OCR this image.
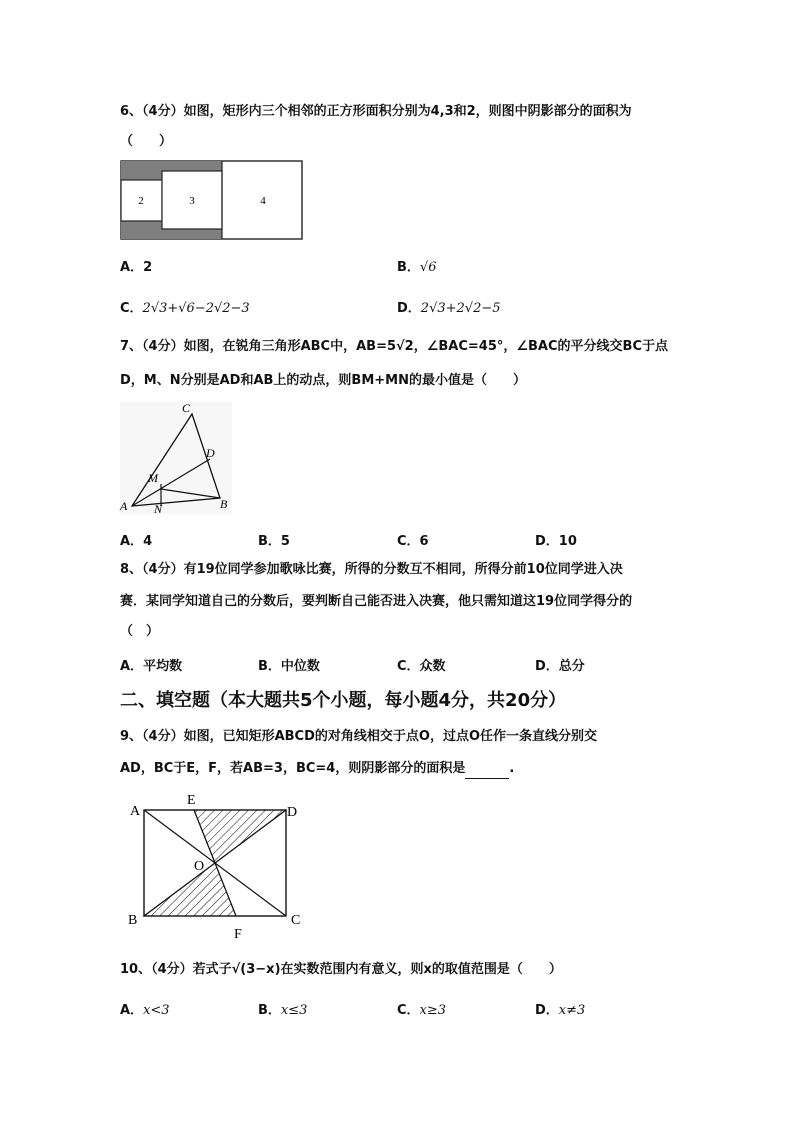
6、（4分）如图，矩形内三个相邻的正方形面积分别为4,3和2，则图中阴影部分的面积为
（　　）
2	3	4
A．2	B．√6
C．2√3+√6−2√2−3	D．2√3+2√2−5
7、（4分）如图，在锐角三角形ABC中，AB=5√2，∠BAC=45°，∠BAC的平分线交BC于点
D，M、N分别是AD和AB上的动点，则BM+MN的最小值是（　　）
C
D
M
A N	B
A．4	B．5	C．6	D．10
8、（4分）有19位同学参加歌咏比赛，所得的分数互不相同，所得分前10位同学进入决
赛．某同学知道自己的分数后，要判断自己能否进入决赛，他只需知道这19位同学得分的
（　）
A．平均数	B．中位数	C．众数	D．总分
二、填空题（本大题共5个小题，每小题4分，共20分）
9、（4分）如图，已知矩形ABCD的对角线相交于点O，过点O任作一条直线分别交
AD，BC于E，F，若AB=3，BC=4，则阴影部分的面积是	.
A
E
D
O
B
F
C
10、（4分）若式子√(3−x)在实数范围内有意义，则x的取值范围是（　　）
A．x<3	B．x≤3	C．x≥3	D．x≠3
